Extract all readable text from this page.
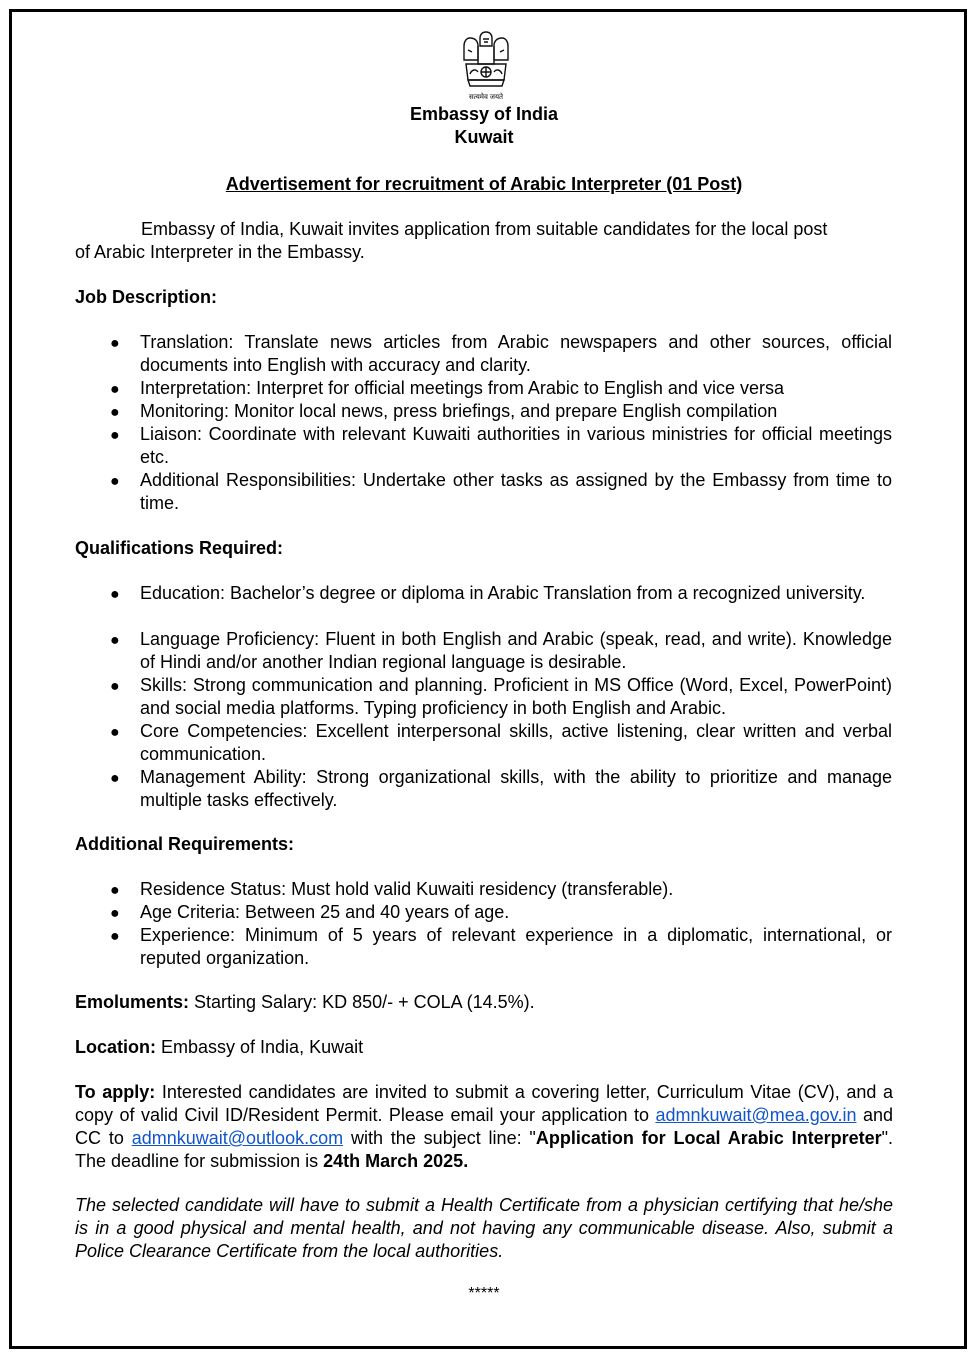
सत्यमेव जयते
Embassy of India
Kuwait
Advertisement for recruitment of Arabic Interpreter (01 Post)

Embassy of India, Kuwait invites application from suitable candidates for the local post

of Arabic Interpreter in the Embassy.

Job Description:

● Translation: Translate news articles from Arabic newspapers and other sources, official documents into English with accuracy and clarity.

● Interpretation: Interpret for official meetings from Arabic to English and vice versa

● Monitoring: Monitor local news, press briefings, and prepare English compilation

● Liaison: Coordinate with relevant Kuwaiti authorities in various ministries for official meetings etc.

● Additional Responsibilities: Undertake other tasks as assigned by the Embassy from time to time.

Qualifications Required:

● Education: Bachelor’s degree or diploma in Arabic Translation from a recognized university.

● Language Proficiency: Fluent in both English and Arabic (speak, read, and write). Knowledge of Hindi and/or another Indian regional language is desirable.

● Skills: Strong communication and planning. Proficient in MS Office (Word, Excel, PowerPoint) and social media platforms. Typing proficiency in both English and Arabic.

● Core Competencies: Excellent interpersonal skills, active listening, clear written and verbal communication.

● Management Ability: Strong organizational skills, with the ability to prioritize and manage multiple tasks effectively.

Additional Requirements:

● Residence Status: Must hold valid Kuwaiti residency (transferable).

● Age Criteria: Between 25 and 40 years of age.

● Experience: Minimum of 5 years of relevant experience in a diplomatic, international, or reputed organization.

Emoluments: Starting Salary: KD 850/- + COLA (14.5%).

Location: Embassy of India, Kuwait

To apply: Interested candidates are invited to submit a covering letter, Curriculum Vitae (CV), and a copy of valid Civil ID/Resident Permit. Please email your application to admnkuwait@mea.gov.in and CC to admnkuwait@outlook.com with the subject line: "Application for Local Arabic Interpreter". The deadline for submission is 24th March 2025.

The selected candidate will have to submit a Health Certificate from a physician certifying that he/she is in a good physical and mental health, and not having any communicable disease. Also, submit a Police Clearance Certificate from the local authorities.

*****
